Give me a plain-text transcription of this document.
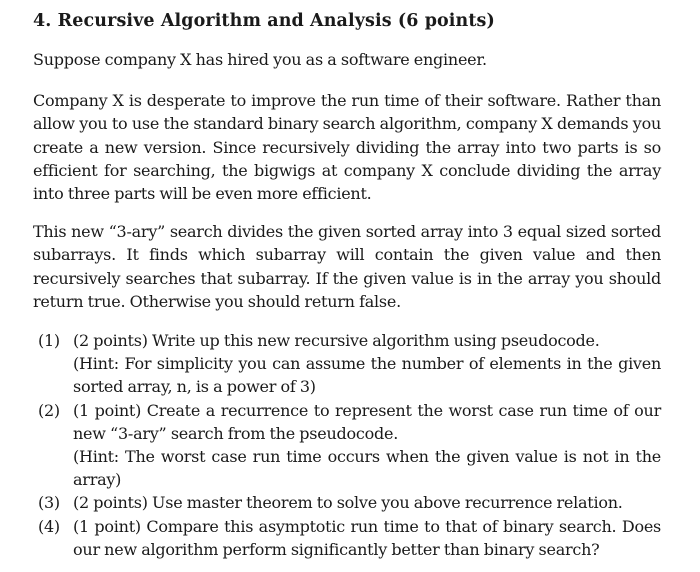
4. Recursive Algorithm and Analysis (6 points)

Suppose company X has hired you as a software engineer.

Company X is desperate to improve the run time of their software. Rather than allow you to use the standard binary search algorithm, company X demands you create a new version. Since recursively dividing the array into two parts is so efficient for searching, the bigwigs at company X conclude dividing the array into three parts will be even more efficient.

This new “3-ary” search divides the given sorted array into 3 equal sized sorted subarrays. It finds which subarray will contain the given value and then recursively searches that subarray. If the given value is in the array you should return true. Otherwise you should return false.

(1) (2 points) Write up this new recursive algorithm using pseudocode.
(Hint: For simplicity you can assume the number of elements in the given sorted array, n, is a power of 3)
(2) (1 point) Create a recurrence to represent the worst case run time of our new “3-ary” search from the pseudocode.
(Hint: The worst case run time occurs when the given value is not in the array)
(3) (2 points) Use master theorem to solve you above recurrence relation.
(4) (1 point) Compare this asymptotic run time to that of binary search. Does our new algorithm perform significantly better than binary search?
